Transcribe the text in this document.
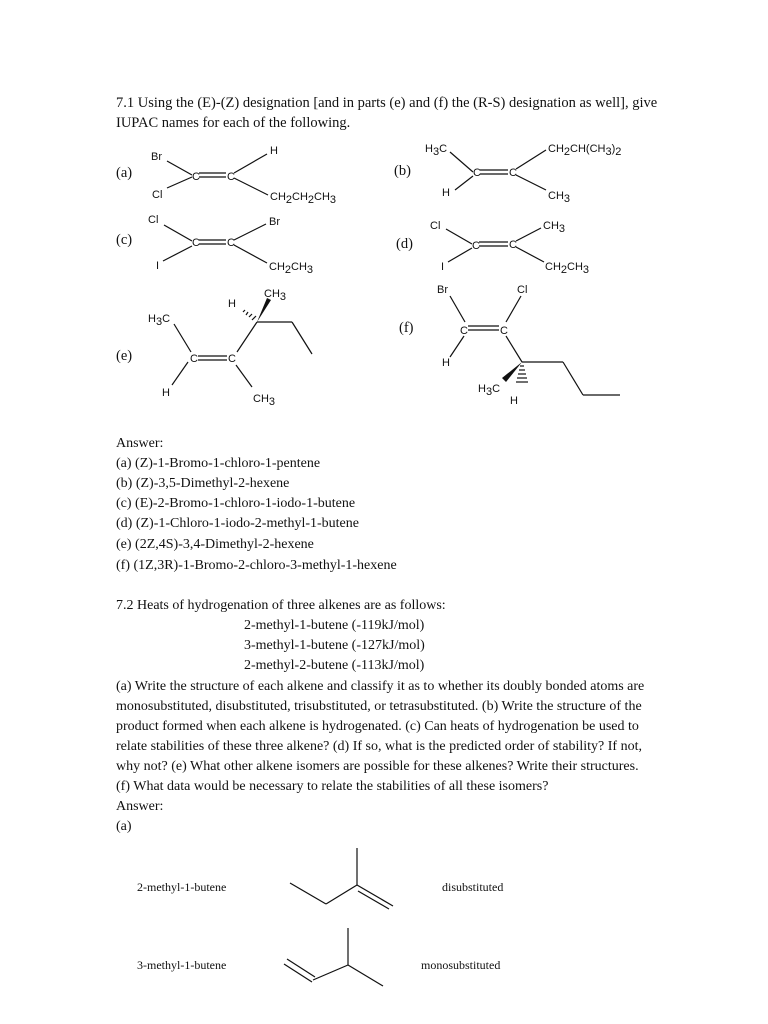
7.1 Using the (E)-(Z) designation [and in parts (e) and (f) the (R-S) designation as well], give

IUPAC names for each of the following.

(a)	(b)

(c)	(d)

(e)

(f)

C C
Br
Cl
H
CH2CH2CH3
H3C
H
C	C
CH2CH(CH3)2
CH3
Cl
I
C C
Br
CH2CH3
Cl
I
C	C
CH3
CH2CH3
H3C
C
H
C
CH3
CH3
H
Br	Cl
C	C
H
H3C
H

Answer:

(a) (Z)-1-Bromo-1-chloro-1-pentene

(b) (Z)-3,5-Dimethyl-2-hexene

(c) (E)-2-Bromo-1-chloro-1-iodo-1-butene

(d) (Z)-1-Chloro-1-iodo-2-methyl-1-butene

(e) (2Z,4S)-3,4-Dimethyl-2-hexene

(f) (1Z,3R)-1-Bromo-2-chloro-3-methyl-1-hexene

7.2 Heats of hydrogenation of three alkenes are as follows:

2-methyl-1-butene (-119kJ/mol)

3-methyl-1-butene (-127kJ/mol)

2-methyl-2-butene (-113kJ/mol)

(a) Write the structure of each alkene and classify it as to whether its doubly bonded atoms are

monosubstituted, disubstituted, trisubstituted, or tetrasubstituted. (b) Write the structure of the

product formed when each alkene is hydrogenated. (c) Can heats of hydrogenation be used to

relate stabilities of these three alkene? (d) If so, what is the predicted order of stability? If not,

why not? (e) What other alkene isomers are possible for these alkenes? Write their structures.

(f) What data would be necessary to relate the stabilities of all these isomers?

Answer:

(a)

2-methyl-1-butene	disubstituted

3-methyl-1-butene	monosubstituted
